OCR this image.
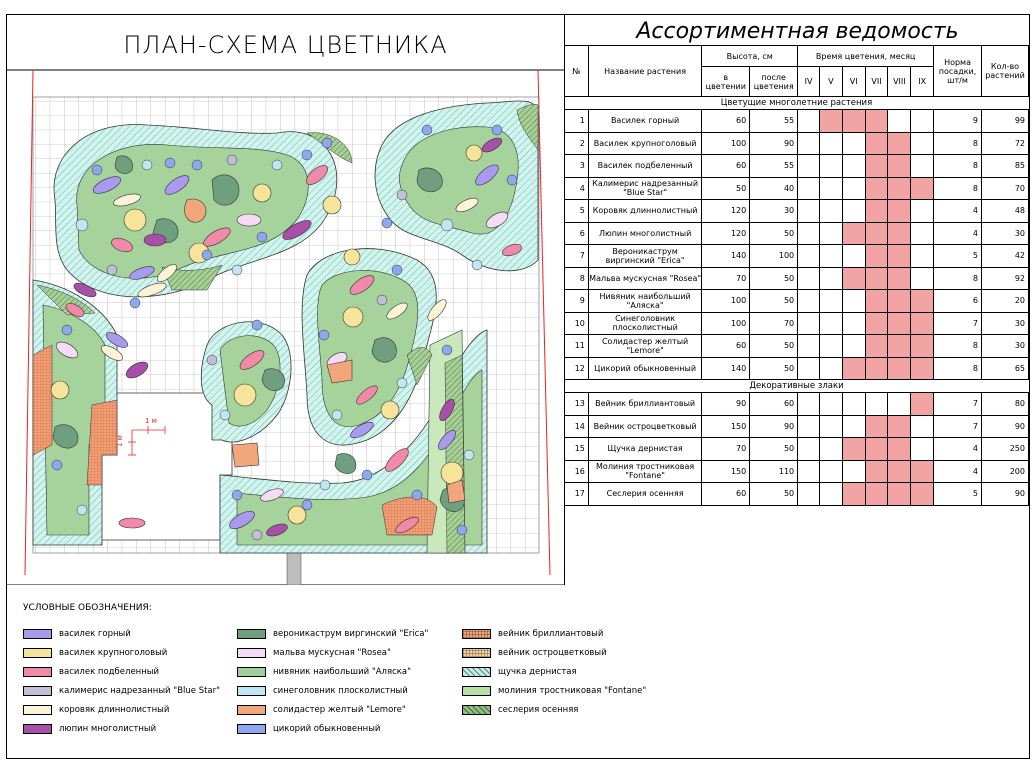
ПЛАН-СХЕМА ЦВЕТНИКА
1 м
1 м
Ассортиментная ведомость
№	Название растения	Высота, см		Время цветения, месяц						Норма посадки, шт/м	Кол-во растений
		в цветении	после цветения	IV	V	VI	VII	VIII	IX		
Цветущие многолетние растения											
1	Василек горный	60	55							9	99
2	Василек крупноголовый	100	90							8	72
3	Василек подбеленный	60	55							8	85
4	Калимерис надрезанный "Blue Star"	50	40							8	70
5	Коровяк длиннолистный	120	30							4	48
6	Люпин многолистный	120	50							4	30
7	Вероникаструм виргинский "Erica"	140	100							5	42
8	Мальва мускусная "Rosea"	70	50							8	92
9	Нивяник наибольший "Аляска"	100	50							6	20
10	Синеголовник плосколистный	100	70							7	30
11	Солидастер желтый "Lemore"	60	50							8	30
12	Цикорий обыкновенный	140	50							8	65
Декоративные злаки											
13	Вейник бриллиантовый	90	60							7	80
14	Вейник остроцветковый	150	90							7	90
15	Щучка дернистая	70	50							4	250
16	Молиния тростниковая "Fontane"	150	110							4	200
17	Сеслерия осенняя	60	50							5	90
УСЛОВНЫЕ ОБОЗНАЧЕНИЯ:
василек горный
василек крупноголовый
василек подбеленный
калимерис надрезанный "Blue Star"
коровяк длиннолистный
люпин многолистный
вероникаструм виргинский "Erica"
мальва мускусная "Rosea"
нивяник наибольший "Аляска"
синеголовник плосколистный
солидастер желтый "Lemore"
цикорий обыкновенный
вейник бриллиантовый
вейник остроцветковый
щучка дернистая
молиния тростниковая "Fontane"
сеслерия осенняя
